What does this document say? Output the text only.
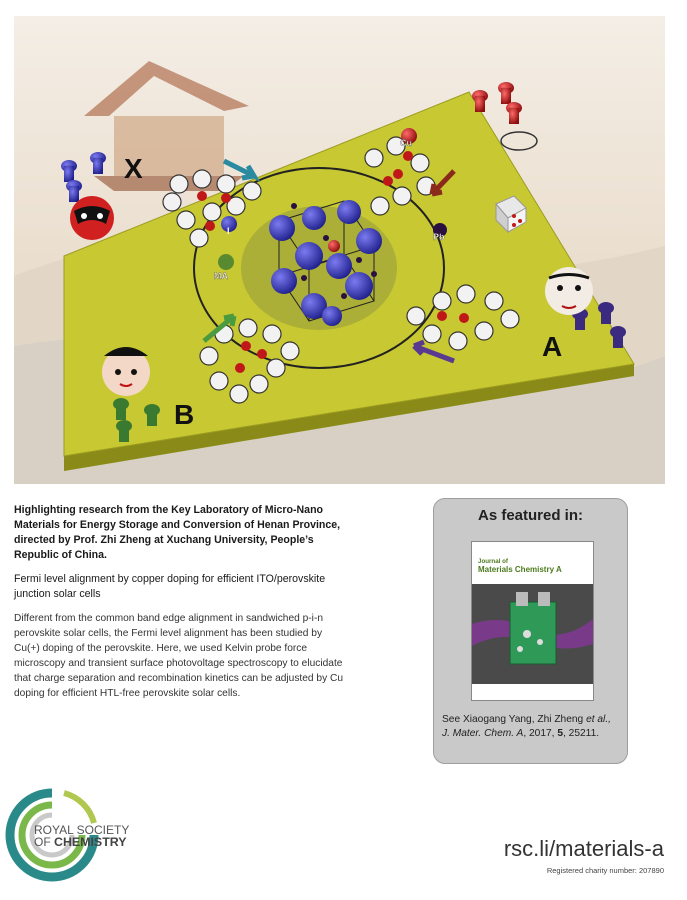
Cu
Pb
I
MA
X
A
B

Highlighting research from the Key Laboratory of Micro-Nano Materials for Energy Storage and Conversion of Henan Province, directed by Prof. Zhi Zheng at Xuchang University, People’s Republic of China.

Fermi level alignment by copper doping for efficient ITO/perovskite junction solar cells

Different from the common band edge alignment in sandwiched p-i-n perovskite solar cells, the Fermi level alignment has been studied by Cu(+) doping of the perovskite. Here, we used Kelvin probe force microscopy and transient surface photovoltage spectroscopy to elucidate that charge separation and recombination kinetics can be adjusted by Cu doping for efficient HTL-free perovskite solar cells.

As featured in:
Journal of
Materials Chemistry A
See Xiaogang Yang, Zhi Zheng et al.,
J. Mater. Chem. A, 2017, 5, 25211.
ROYAL SOCIETY
OF CHEMISTRY	rsc.li/materials-a
Registered charity number: 207890
